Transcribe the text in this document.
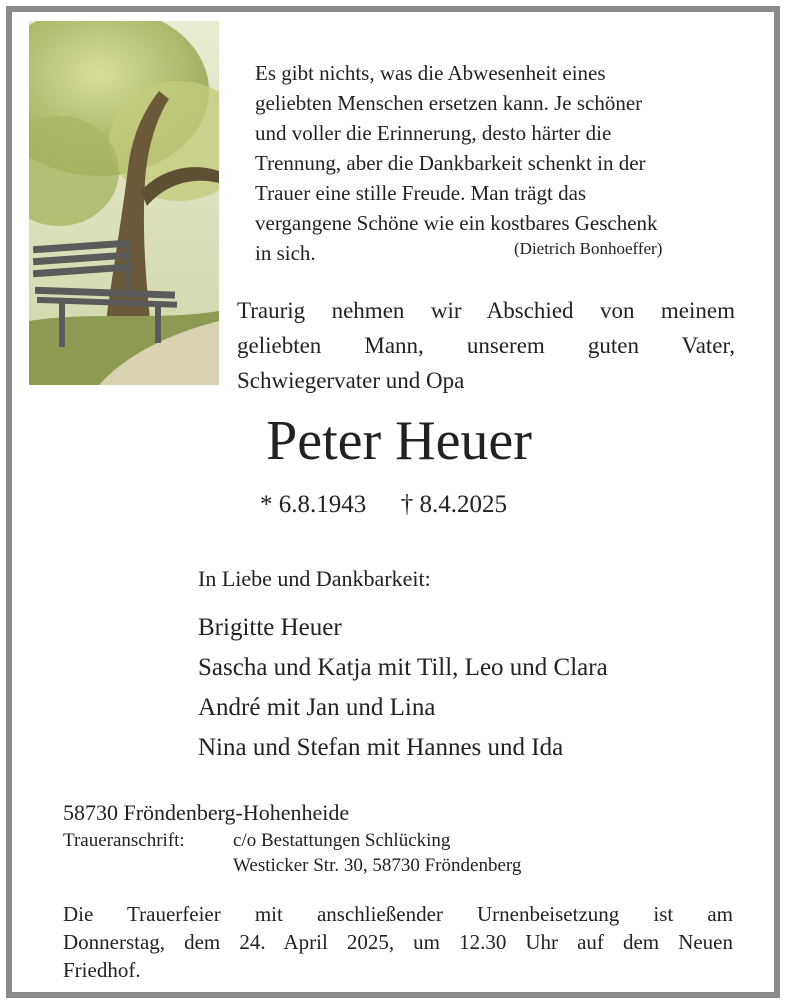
Es gibt nichts, was die Abwesenheit eines
geliebten Menschen ersetzen kann. Je schöner
und voller die Erinnerung, desto härter die
Trennung, aber die Dankbarkeit schenkt in der
Trauer eine stille Freude. Man trägt das
vergangene Schöne wie ein kostbares Geschenk
in sich.	(Dietrich Bonhoeffer)
Traurig nehmen wir Abschied von meinem
geliebten Mann, unserem guten Vater,
Schwiegervater und Opa
Peter Heuer
* 6.8.1943 † 8.4.2025
In Liebe und Dankbarkeit:
Brigitte Heuer
Sascha und Katja mit Till, Leo und Clara
André mit Jan und Lina
Nina und Stefan mit Hannes und Ida
58730 Fröndenberg-Hohenheide
Traueranschrift:	c/o Bestattungen Schlücking
Westicker Str. 30, 58730 Fröndenberg
Die Trauerfeier mit anschließender Urnenbeisetzung ist am
Donnerstag, dem 24. April 2025, um 12.30 Uhr auf dem Neuen
Friedhof.
